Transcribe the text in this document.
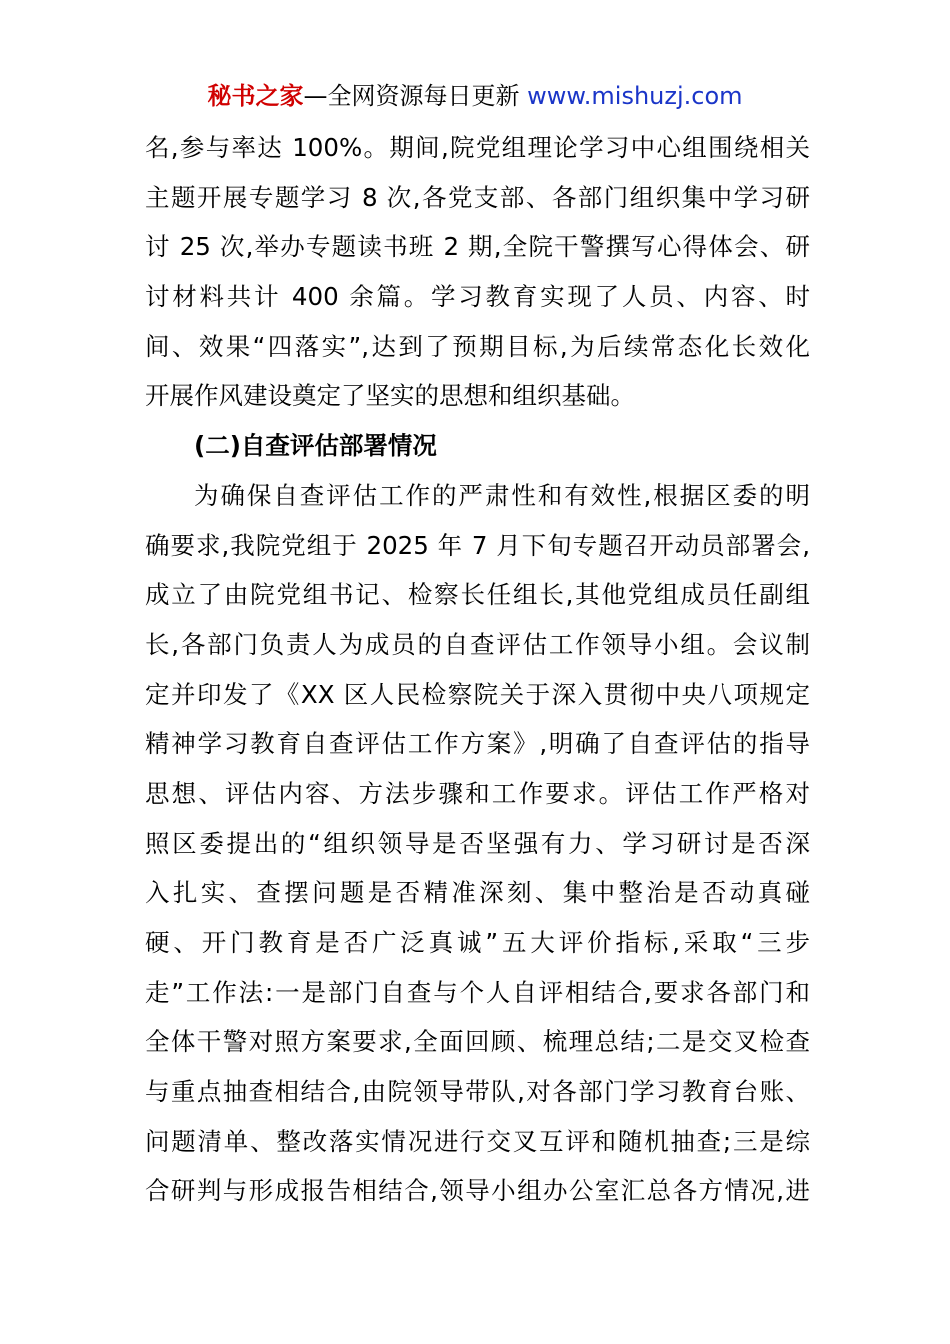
秘书之家—全网资源每日更新 www.mishuzj.com
名,参与率达 100%。期间,院党组理论学习中心组围绕相关
主题开展专题学习 8 次,各党支部、各部门组织集中学习研
讨 25 次,举办专题读书班 2 期,全院干警撰写心得体会、研
讨材料共计 400 余篇。学习教育实现了人员、内容、时
间、效果“四落实”,达到了预期目标,为后续常态化长效化
开展作风建设奠定了坚实的思想和组织基础。
(二)自查评估部署情况
为确保自查评估工作的严肃性和有效性,根据区委的明
确要求,我院党组于 2025 年 7 月下旬专题召开动员部署会,
成立了由院党组书记、检察长任组长,其他党组成员任副组
长,各部门负责人为成员的自查评估工作领导小组。会议制
定并印发了《XX 区人民检察院关于深入贯彻中央八项规定
精神学习教育自查评估工作方案》,明确了自查评估的指导
思想、评估内容、方法步骤和工作要求。评估工作严格对
照区委提出的“组织领导是否坚强有力、学习研讨是否深
入扎实、查摆问题是否精准深刻、集中整治是否动真碰
硬、开门教育是否广泛真诚”五大评价指标,采取“三步
走”工作法:一是部门自查与个人自评相结合,要求各部门和
全体干警对照方案要求,全面回顾、梳理总结;二是交叉检查
与重点抽查相结合,由院领导带队,对各部门学习教育台账、
问题清单、整改落实情况进行交叉互评和随机抽查;三是综
合研判与形成报告相结合,领导小组办公室汇总各方情况,进
